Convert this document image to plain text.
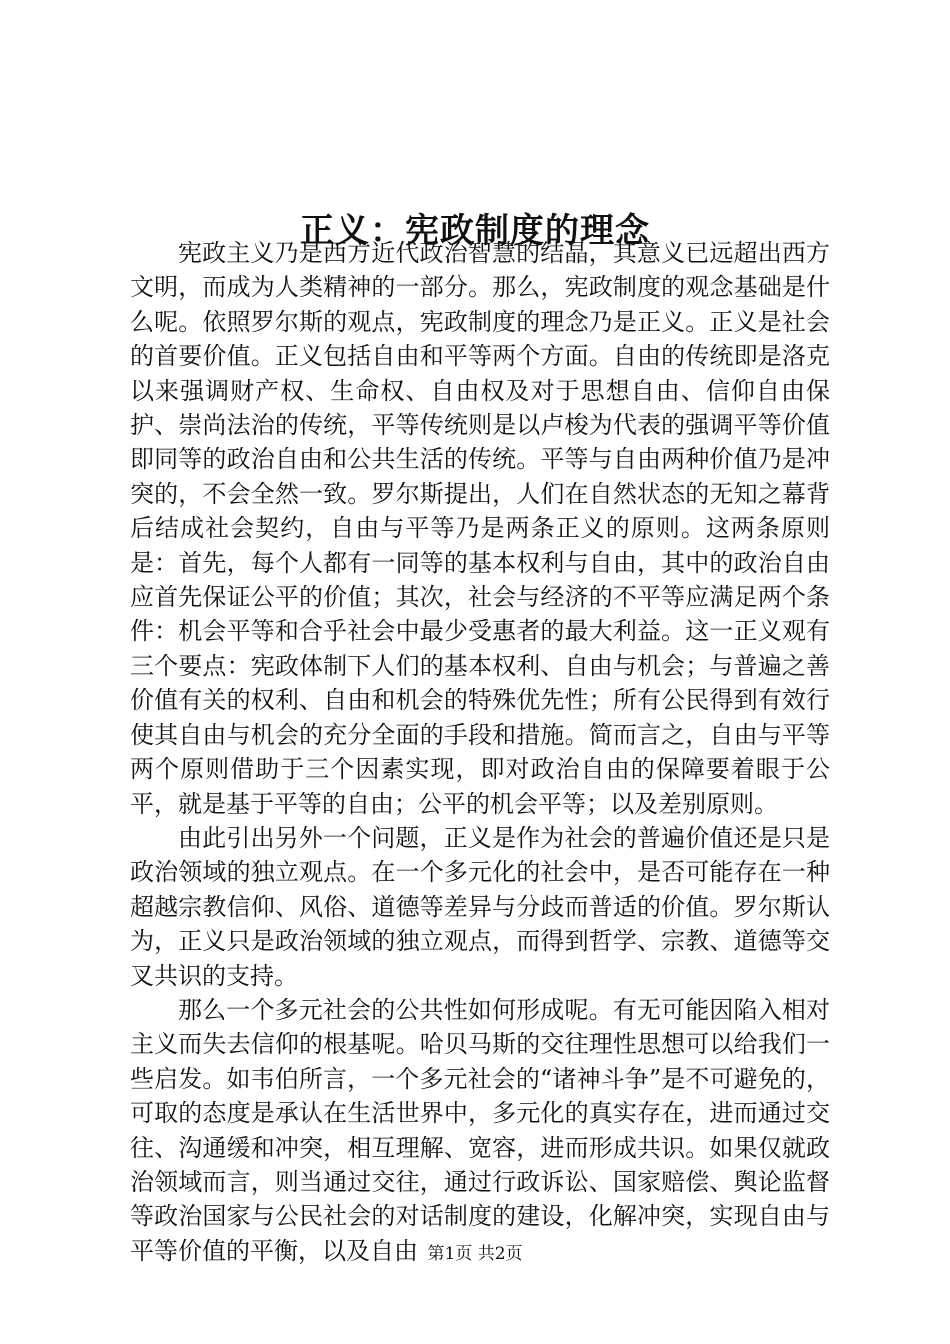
正义：宪政制度的理念

宪政主义乃是西方近代政治智慧的结晶，其意义已远超出西方文明，而成为人类精神的一部分。那么，宪政制度的观念基础是什么呢。依照罗尔斯的观点，宪政制度的理念乃是正义。正义是社会的首要价值。正义包括自由和平等两个方面。自由的传统即是洛克以来强调财产权、生命权、自由权及对于思想自由、信仰自由保护、崇尚法治的传统，平等传统则是以卢梭为代表的强调平等价值即同等的政治自由和公共生活的传统。平等与自由两种价值乃是冲突的，不会全然一致。罗尔斯提出，人们在自然状态的无知之幕背后结成社会契约，自由与平等乃是两条正义的原则。这两条原则是：首先，每个人都有一同等的基本权利与自由，其中的政治自由应首先保证公平的价值；其次，社会与经济的不平等应满足两个条件：机会平等和合乎社会中最少受惠者的最大利益。这一正义观有三个要点：宪政体制下人们的基本权利、自由与机会；与普遍之善价值有关的权利、自由和机会的特殊优先性；所有公民得到有效行使其自由与机会的充分全面的手段和措施。简而言之，自由与平等两个原则借助于三个因素实现，即对政治自由的保障要着眼于公平，就是基于平等的自由；公平的机会平等；以及差别原则。

由此引出另外一个问题，正义是作为社会的普遍价值还是只是政治领域的独立观点。在一个多元化的社会中，是否可能存在一种超越宗教信仰、风俗、道德等差异与分歧而普适的价值。罗尔斯认为，正义只是政治领域的独立观点，而得到哲学、宗教、道德等交叉共识的支持。

那么一个多元社会的公共性如何形成呢。有无可能因陷入相对主义而失去信仰的根基呢。哈贝马斯的交往理性思想可以给我们一些启发。如韦伯所言，一个多元社会的“诸神斗争”是不可避免的，可取的态度是承认在生活世界中，多元化的真实存在，进而通过交往、沟通缓和冲突，相互理解、宽容，进而形成共识。如果仅就政治领域而言，则当通过交往，通过行政诉讼、国家赔偿、舆论监督等政治国家与公民社会的对话制度的建设，化解冲突，实现自由与平等价值的平衡，以及自由 第1页 共2页
